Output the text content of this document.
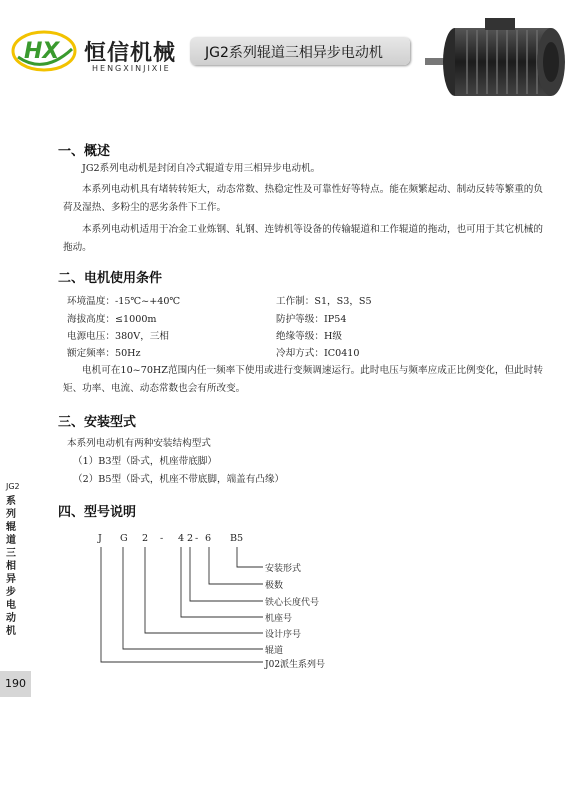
HX 恒信机械
HENGXINJIXIE
JG2系列辊道三相异步电动机
JG2
系列辊道三相异步电动机
190
一、概述
JG2系列电动机是封闭自冷式辊道专用三相异步电动机。
本系列电动机具有堵转转矩大，动态常数、热稳定性及可靠性好等特点。能在频繁起动、制动反转等繁重的负荷及湿热、多粉尘的恶劣条件下工作。
本系列电动机适用于冶金工业炼钢、轧钢、连铸机等设备的传输辊道和工作辊道的拖动，也可用于其它机械的拖动。
二、电机使用条件
环境温度：-15℃~+40℃
海拔高度：≤1000m
电源电压：380V，三相
额定频率：50Hz
工作制：S1，S3，S5
防护等级：IP54
绝缘等级：H级
冷却方式：IC0410
电机可在10~70HZ范围内任一频率下使用或进行变频调速运行。此时电压与频率应成正比例变化，但此时转矩、功率、电流、动态常数也会有所改变。
三、安装型式
本系列电动机有两种安装结构型式
（1）B3型（卧式，机座带底脚）
（2）B5型（卧式，机座不带底脚，端盖有凸缘）
四、型号说明
J G 2 - 4 2 - 6 B5
安装形式
极数
铁心长度代号
机座号
设计序号
辊道
J02派生系列号
